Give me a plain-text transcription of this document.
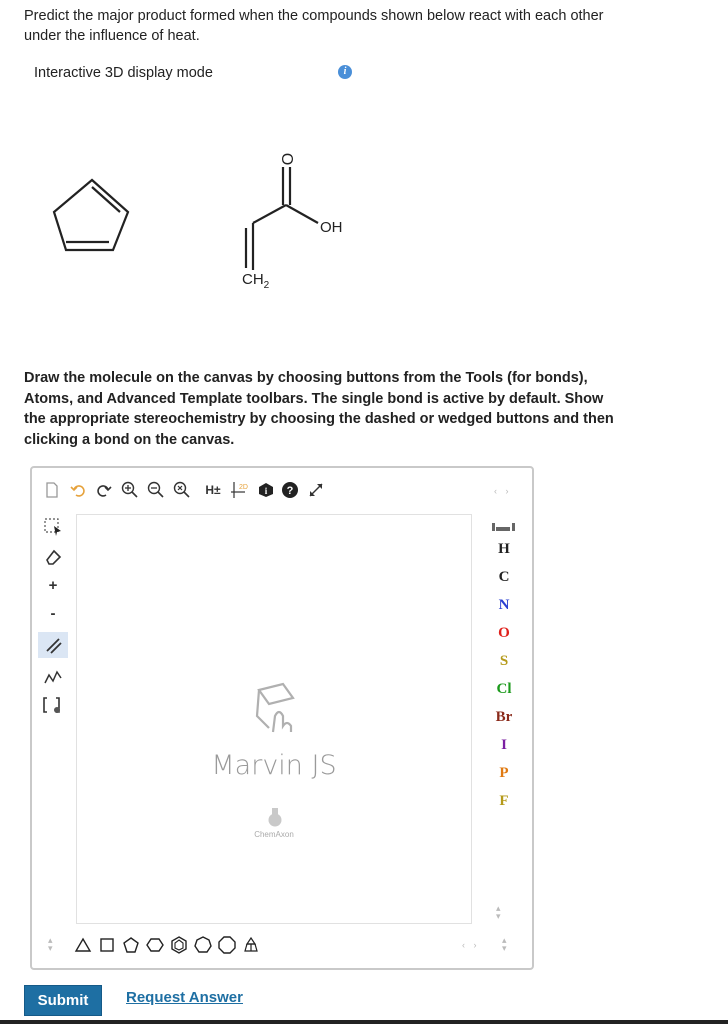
Predict the major product formed when the compounds shown below react with each other
under the influence of heat.
Interactive 3D display mode	i
O
OH
$CH_2$
Draw the molecule on the canvas by choosing buttons from the Tools (for bonds),
Atoms, and Advanced Template toolbars. The single bond is active by default. Show
the appropriate stereochemistry by choosing the dashed or wedged buttons and then
clicking a bond on the canvas.
H±	2D i ?	‹ ›
+
-
Marvin JS
ChemAxon
H
C
N
O
S
Cl
Br
I
P
F
▴
▾
▴
▾	‹ ›	▴
▾
Submit	Request Answer
